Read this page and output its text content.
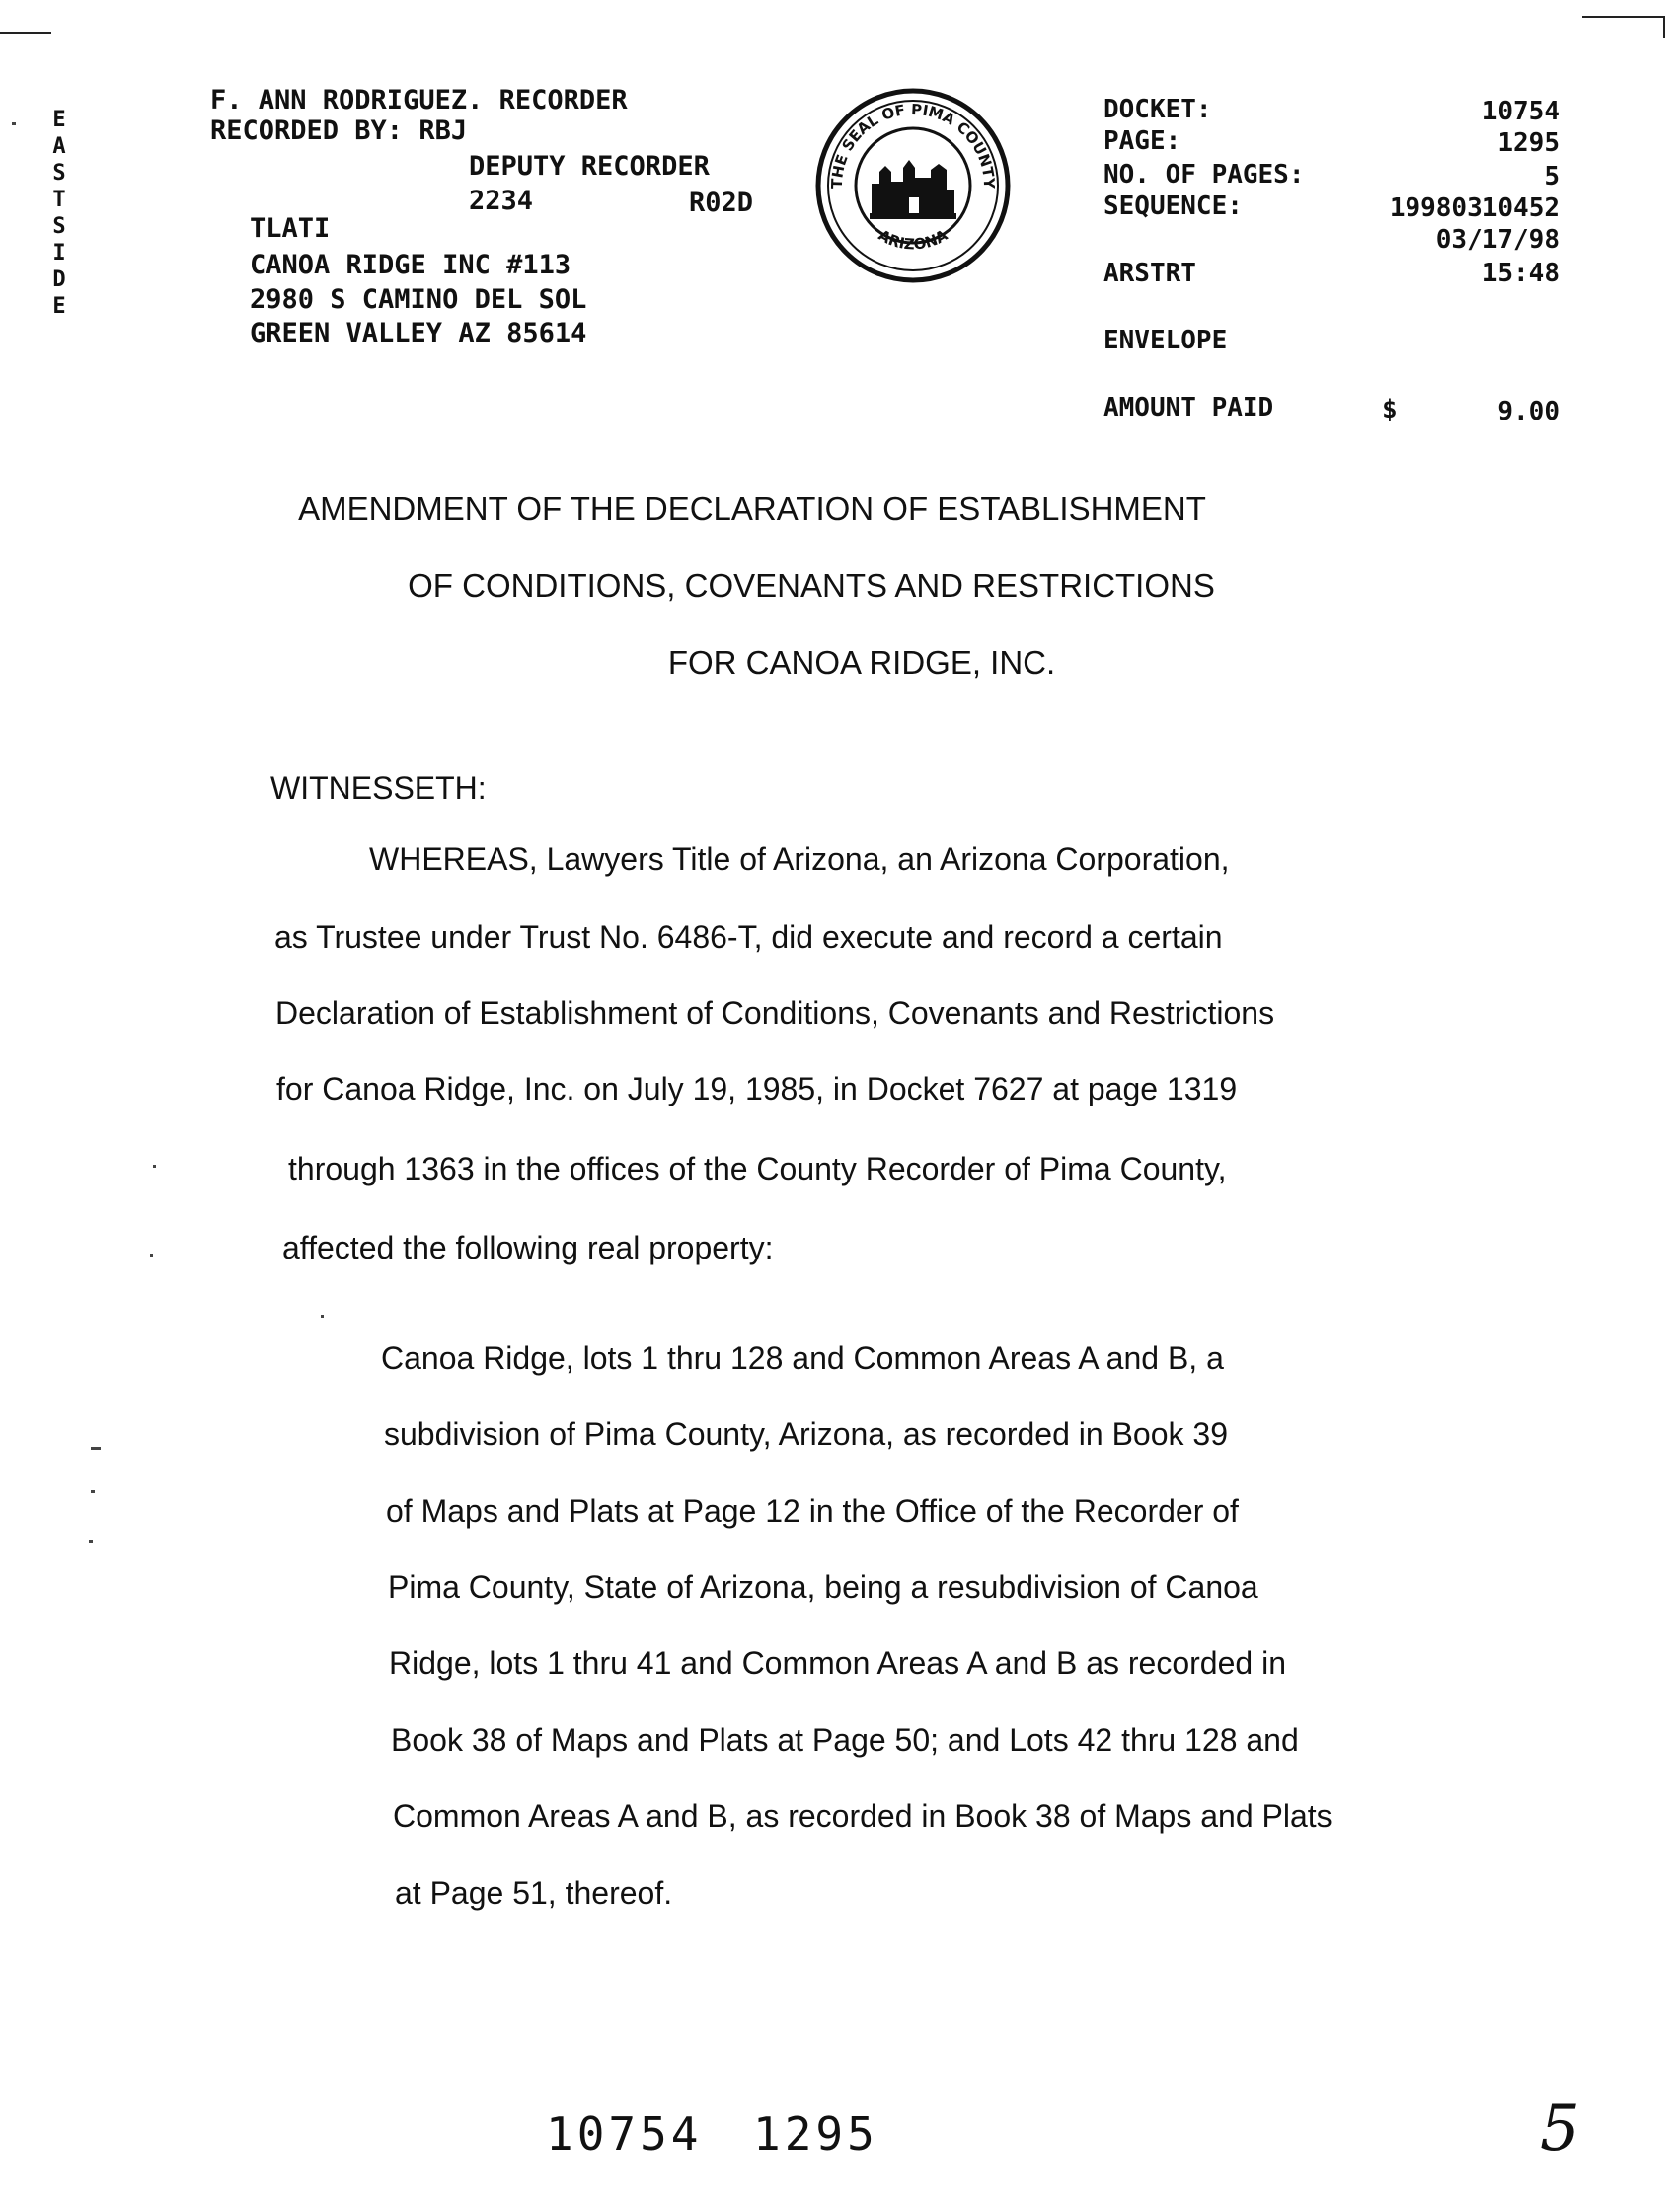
E
A
S
T
S
I
D
E
F. ANN RODRIGUEZ. RECORDER
RECORDED BY: RBJ
DEPUTY RECORDER
2234	R02D
TLATI
CANOA RIDGE INC #113
2980 S CAMINO DEL SOL
GREEN VALLEY AZ 85614
THE SEAL OF PIMA COUNTY
ARIZONA
DOCKET:	10754
PAGE:	1295
NO. OF PAGES:	5
SEQUENCE:	19980310452
03/17/98
ARSTRT	15:48
ENVELOPE
AMOUNT PAID	$	9.00
AMENDMENT OF THE DECLARATION OF ESTABLISHMENT
OF CONDITIONS, COVENANTS AND RESTRICTIONS
FOR CANOA RIDGE, INC.
WITNESSETH:
WHEREAS, Lawyers Title of Arizona, an Arizona Corporation,
as Trustee under Trust No. 6486-T, did execute and record a certain
Declaration of Establishment of Conditions, Covenants and Restrictions
for Canoa Ridge, Inc. on July 19, 1985, in Docket 7627 at page 1319
through 1363 in the offices of the County Recorder of Pima County,
affected the following real property:
Canoa Ridge, lots 1 thru 128 and Common Areas A and B, a
subdivision of Pima County, Arizona, as recorded in Book 39
of Maps and Plats at Page 12 in the Office of the Recorder of
Pima County, State of Arizona, being a resubdivision of Canoa
Ridge, lots 1 thru 41 and Common Areas A and B as recorded in
Book 38 of Maps and Plats at Page 50; and Lots 42 thru 128 and
Common Areas A and B, as recorded in Book 38 of Maps and Plats
at Page 51, thereof.
10754 1295	5
